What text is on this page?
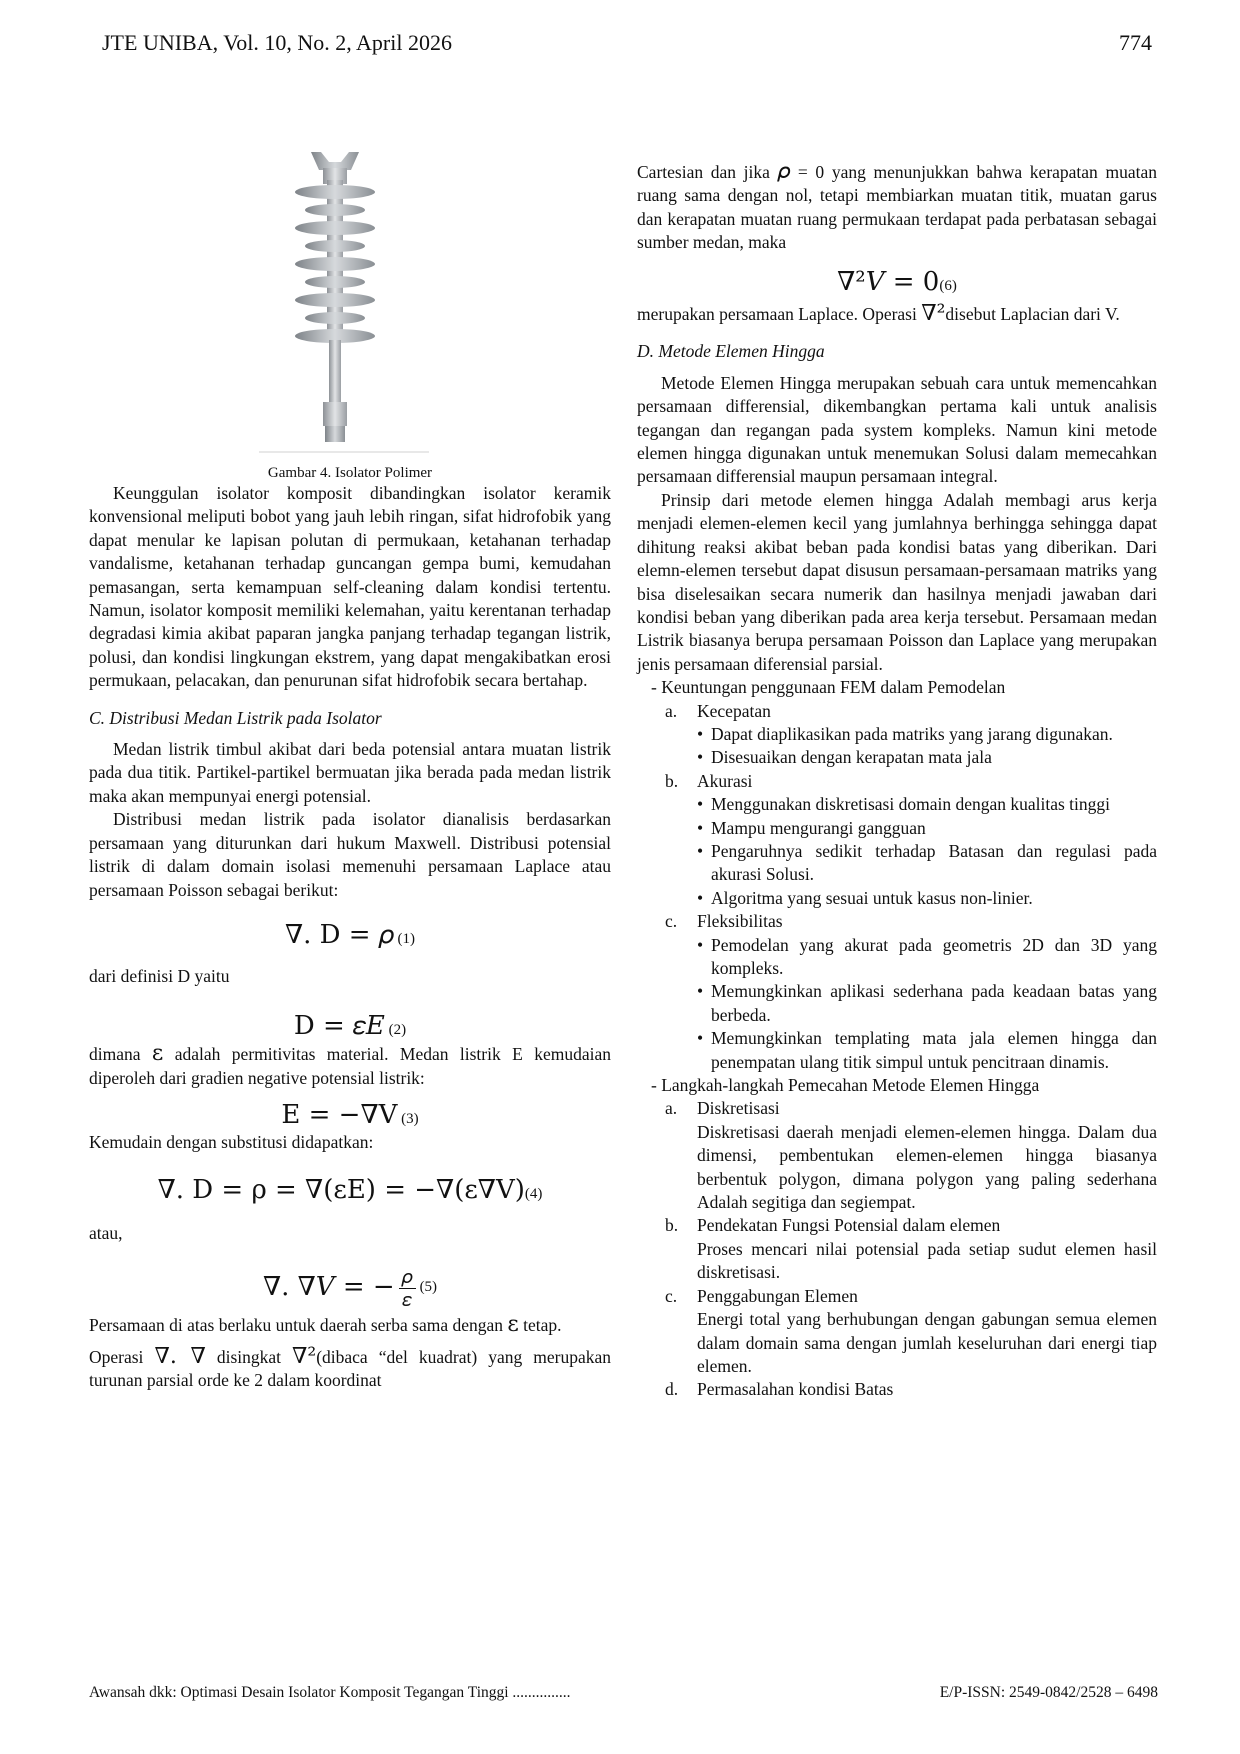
JTE UNIBA, Vol. 10, No. 2, April 2026	774
Gambar 4. Isolator Polimer

Keunggulan isolator komposit dibandingkan isolator keramik konvensional meliputi bobot yang jauh lebih ringan, sifat hidrofobik yang dapat menular ke lapisan polutan di permukaan, ketahanan terhadap vandalisme, ketahanan terhadap guncangan gempa bumi, kemudahan pemasangan, serta kemampuan self-cleaning dalam kondisi tertentu. Namun, isolator komposit memiliki kelemahan, yaitu kerentanan terhadap degradasi kimia akibat paparan jangka panjang terhadap tegangan listrik, polusi, dan kondisi lingkungan ekstrem, yang dapat mengakibatkan erosi permukaan, pelacakan, dan penurunan sifat hidrofobik secara bertahap.

C. Distribusi Medan Listrik pada Isolator

Medan listrik timbul akibat dari beda potensial antara muatan listrik pada dua titik. Partikel-partikel bermuatan jika berada pada medan listrik maka akan mempunyai energi potensial.

Distribusi medan listrik pada isolator dianalisis berdasarkan persamaan yang diturunkan dari hukum Maxwell. Distribusi potensial listrik di dalam domain isolasi memenuhi persamaan Laplace atau persamaan Poisson sebagai berikut:

∇. D = 𝜌 (1)

dari definisi D yaitu

D = 𝜀𝐸 (2)

dimana ε adalah permitivitas material. Medan listrik E kemudaian diperoleh dari gradien negative potensial listrik:

E = −∇V (3)

Kemudain dengan substitusi didapatkan:

∇. D = ρ = ∇(εE) = −∇(ε∇V)(4)

atau,

∇. ∇𝑉 = − 𝜌
𝜀
(5)

Persamaan di atas berlaku untuk daerah serba sama dengan ε tetap.

Operasi ∇. ∇ disingkat ∇²(dibaca “del kuadrat) yang merupakan turunan parsial orde ke 2 dalam koordinat

Cartesian dan jika 𝜌 = 0 yang menunjukkan bahwa kerapatan muatan ruang sama dengan nol, tetapi membiarkan muatan titik, muatan garus dan kerapatan muatan ruang permukaan terdapat pada perbatasan sebagai sumber medan, maka

∇²𝑉 = 0(6)

merupakan persamaan Laplace. Operasi ∇²disebut Laplacian dari V.

D. Metode Elemen Hingga

Metode Elemen Hingga merupakan sebuah cara untuk memencahkan persamaan differensial, dikembangkan pertama kali untuk analisis tegangan dan regangan pada system kompleks. Namun kini metode elemen hingga digunakan untuk menemukan Solusi dalam memecahkan persamaan differensial maupun persamaan integral.

Prinsip dari metode elemen hingga Adalah membagi arus kerja menjadi elemen-elemen kecil yang jumlahnya berhingga sehingga dapat dihitung reaksi akibat beban pada kondisi batas yang diberikan. Dari elemn-elemen tersebut dapat disusun persamaan-persamaan matriks yang bisa diselesaikan secara numerik dan hasilnya menjadi jawaban dari kondisi beban yang diberikan pada area kerja tersebut. Persamaan medan Listrik biasanya berupa persamaan Poisson dan Laplace yang merupakan jenis persamaan diferensial parsial.

- Keuntungan penggunaan FEM dalam Pemodelan

a.	Kecepatan
• Dapat diaplikasikan pada matriks yang jarang digunakan.
• Disesuaikan dengan kerapatan mata jala
b.	Akurasi
• Menggunakan diskretisasi domain dengan kualitas tinggi
• Mampu mengurangi gangguan
• Pengaruhnya sedikit terhadap Batasan dan regulasi pada akurasi Solusi.
• Algoritma yang sesuai untuk kasus non-linier.
c.	Fleksibilitas
• Pemodelan yang akurat pada geometris 2D dan 3D yang kompleks.
• Memungkinkan aplikasi sederhana pada keadaan batas yang berbeda.
• Memungkinkan templating mata jala elemen hingga dan penempatan ulang titik simpul untuk pencitraan dinamis.

- Langkah-langkah Pemecahan Metode Elemen Hingga

a.	Diskretisasi

Diskretisasi daerah menjadi elemen-elemen hingga. Dalam dua dimensi, pembentukan elemen-elemen hingga biasanya berbentuk polygon, dimana polygon yang paling sederhana Adalah segitiga dan segiempat.

b.	Pendekatan Fungsi Potensial dalam elemen

Proses mencari nilai potensial pada setiap sudut elemen hasil diskretisasi.

c.	Penggabungan Elemen

Energi total yang berhubungan dengan gabungan semua elemen dalam domain sama dengan jumlah keseluruhan dari energi tiap elemen.

d.	Permasalahan kondisi Batas
Awansah dkk: Optimasi Desain Isolator Komposit Tegangan Tinggi ...............	E/P-ISSN: 2549-0842/2528 – 6498
